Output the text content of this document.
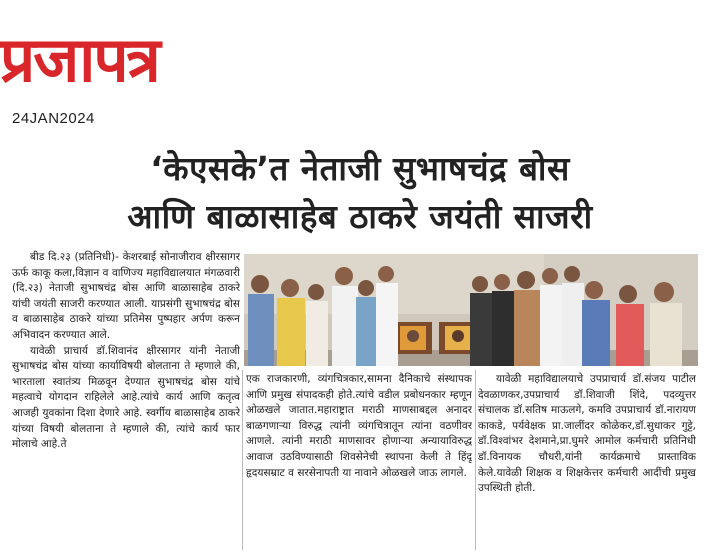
प्रजापत्र
24JAN2024
‘केएसके’त नेताजी सुभाषचंद्र बोस
आणि बाळासाहेब ठाकरे जयंती साजरी

बीड दि.२३ (प्रतिनिधी)- केशरबाई सोनाजीराव क्षीरसागर ऊर्फ काकू कला,विज्ञान व वाणिज्य महाविद्यालयात मंगळवारी (दि.२३) नेताजी सुभाषचंद्र बोस आणि बाळासाहेब ठाकरे यांची जयंती साजरी करण्यात आली. याप्रसंगी सुभाषचंद्र बोस व बाळासाहेब ठाकरे यांच्या प्रतिमेस पुष्पहार अर्पण करून अभिवादन करण्यात आले.

यावेळी प्राचार्य डॉ.शिवानंद क्षीरसागर यांनी नेताजी सुभाषचंद्र बोस यांच्या कार्याविषयी बोलताना ते म्हणाले की, भारताला स्वातंत्र्य मिळवून देण्यात सुभाषचंद्र बोस यांचे महत्वाचे योगदान राहिलेले आहे.त्यांचे कार्य आणि कतृत्व आजही युवकांना दिशा देणारे आहे. स्वर्गीय बाळासाहेब ठाकरे यांच्या विषयी बोलताना ते म्हणाले की, त्यांचे कार्य फार मोलाचे आहे.ते

एक राजकारणी, व्यंगचित्रकार,सामना दैनिकाचे संस्थापक आणि प्रमुख संपादकही होते.त्यांचे वडील प्रबोधनकार म्हणून ओळखले जातात.महाराष्ट्रात मराठी माणसाबद्दल अनादर बाळगणाऱ्या विरुद्ध त्यांनी व्यंगचित्रातून त्यांना वठणीवर आणले. त्यांनी मराठी माणसावर होणाऱ्या अन्यायाविरुद्ध आवाज उठविण्यासाठी शिवसेनेची स्थापना केली ते हिंदू हृदयसम्राट व सरसेनापती या नावाने ओळखले जाऊ लागले.

यावेळी महाविद्यालयाचे उपप्राचार्य डॉ.संजय पाटील देवळाणकर,उपप्राचार्य डॉ.शिवाजी शिंदे, पदव्युत्तर संचालक डॉ.सतिष माऊलगे, कमवि उपप्राचार्य डॉ.नारायण काकडे, पर्यवेक्षक प्रा.जालींदर कोळेकर,डॉ.सुधाकर गुट्टे, डॉ.विश्वांभर देशमाने,प्रा.घुमरे आमोल कर्मचारी प्रतिनिधी डॉ.विनायक चौधरी,यांनी कार्यक्रमाचे प्रास्ताविक केले.यावेळी शिक्षक व शिक्षकेत्तर कर्मचारी आदींची प्रमुख उपस्थिती होती.
